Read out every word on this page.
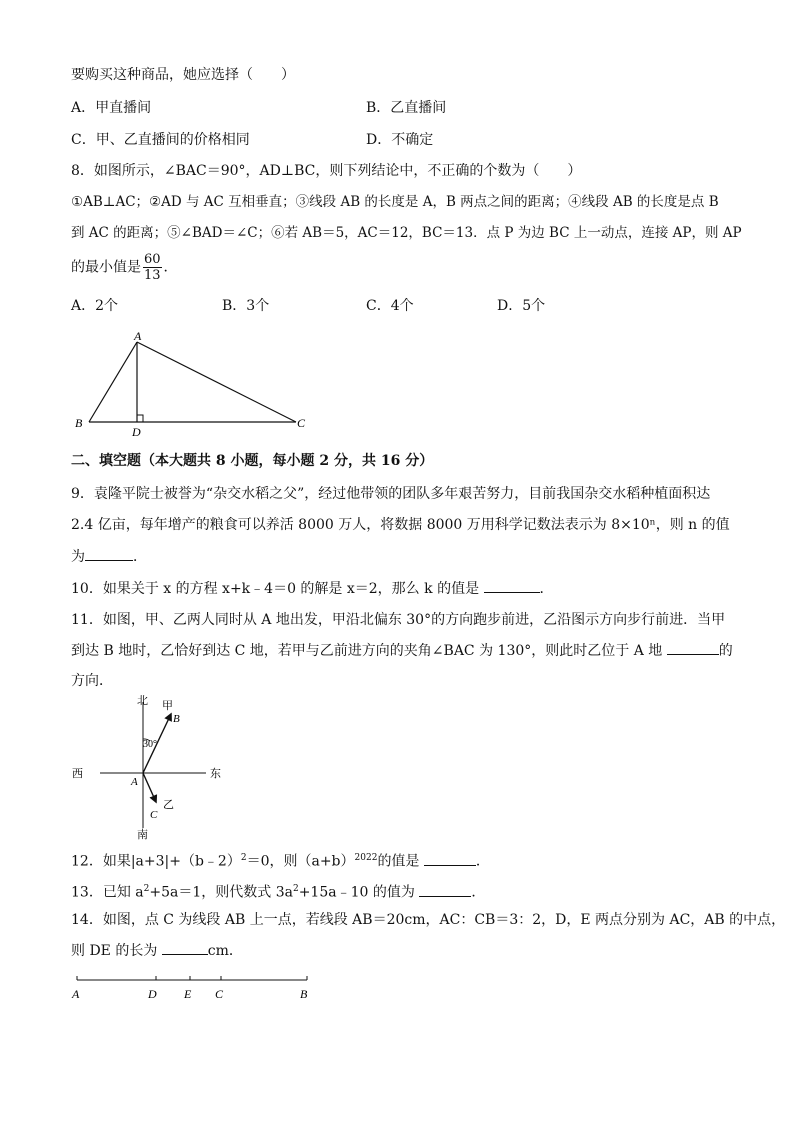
要购买这种商品，她应选择（　　）
A．甲直播间	B．乙直播间
C．甲、乙直播间的价格相同	D．不确定
8．如图所示，∠BAC＝90°，AD⊥BC，则下列结论中，不正确的个数为（　　）
①AB⊥AC；②AD 与 AC 互相垂直；③线段 AB 的长度是 A，B 两点之间的距离；④线段 AB 的长度是点 B
到 AC 的距离；⑤∠BAD＝∠C；⑥若 AB＝5，AC＝12，BC＝13．点 P 为边 BC 上一动点，连接 AP，则 AP
的最小值是 $\frac{60}{13}$ ．
A．2个	B．3个	C．4个	D．5个
A
B	C
D
二、填空题（本大题共 8 小题，每小题 2 分，共 16 分）
9．袁隆平院士被誉为“杂交水稻之父”，经过他带领的团队多年艰苦努力，目前我国杂交水稻种植面积达
2.4 亿亩，每年增产的粮食可以养活 8000 万人，将数据 8000 万用科学记数法表示为 8×10ⁿ，则 n 的值
为	．
10．如果关于 x 的方程 x+k﹣4＝0 的解是 x＝2，那么 k 的值是	．
11．如图，甲、乙两人同时从 A 地出发，甲沿北偏东 30°的方向跑步前进，乙沿图示方向步行前进．当甲
到达 B 地时，乙恰好到达 C 地，若甲与乙前进方向的夹角∠BAC 为 130°，则此时乙位于 A 地	的
方向．
北
南
西	东
甲
B
30°
A
乙
C
12．如果|a+3|+（b﹣2）$^2$＝0，则$(a+b)^{2022}$的值是	．
13．已知 $a^2+5a=1$，则代数式 $3a^2+15a﹣10$ 的值为	．
14．如图，点 C 为线段 AB 上一点，若线段 AB＝20cm，AC：CB＝3：2，D，E 两点分别为 AC，AB 的中点，
则 DE 的长为	cm．
A	D E C	B
